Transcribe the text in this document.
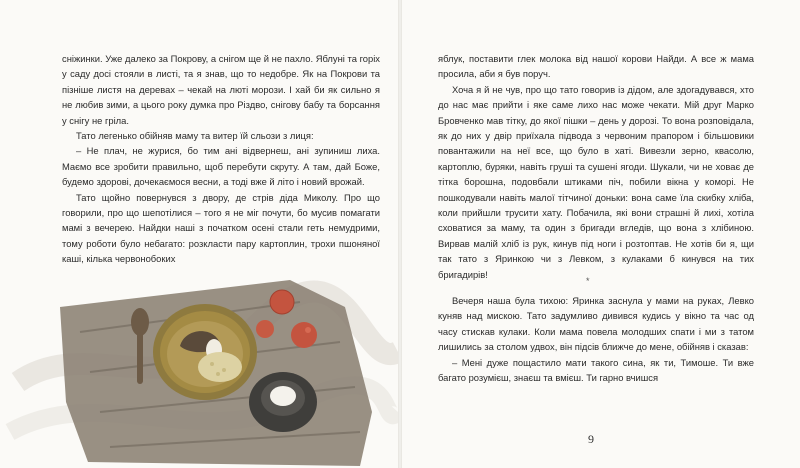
сніжинки. Уже далеко за Покрову, а снігом ще й не пахло. Яблуні та горіх у саду досі стояли в листі, та я знав, що то недобре. Як на Покрови та пізніше листя на деревах – чекай на люті морози. І хай би як сильно я не любив зими, а цього року думка про Різдво, снігову бабу та борсання у снігу не гріла.

Тато легенько обійняв маму та витер їй сльози з лиця:

– Не плач, не журися, бо тим ані відвернеш, ані зупиниш лиха. Маємо все зробити правильно, щоб перебути скруту. А там, дай Боже, будемо здорові, дочекаємося весни, а тоді вже й літо і новий врожай.

Тато щойно повернувся з двору, де стрів діда Миколу. Про що говорили, про що шепотілися – того я не міг почути, бо мусив помагати мамі з вечерею. Найдки наші з початком осені стали геть немудрими, тому роботи було небагато: розкласти пару картоплин, трохи пшоняної каші, кілька червонобоких

яблук, поставити глек молока від нашої корови Найди. А все ж мама просила, аби я був поруч.

Хоча я й не чув, про що тато говорив із дідом, але здогадувався, хто до нас має прийти і яке саме лихо нас може чекати. Мій друг Марко Бровченко мав тітку, до якої пішки – день у дорозі. То вона розповідала, як до них у двір приїхала підвода з червоним прапором і більшовики повантажили на неї все, що було в хаті. Вивезли зерно, квасолю, картоплю, буряки, навіть груші та сушені ягоди. Шукали, чи не ховає де тітка борошна, подовбали штиками піч, побили вікна у коморі. Не пошкодували навіть малої тітчиної доньки: вона саме їла скибку хліба, коли прийшли трусити хату. Побачила, які вони страшні й лихі, хотіла сховатися за маму, та один з бригади вгледів, що вона з хлібиною. Вирвав малій хліб із рук, кинув під ноги і розтоптав. Не хотів би я, щи так тато з Яринкою чи з Левком, з кулаками б кинувся на тих бригадирів!

*

Вечеря наша була тихою: Яринка заснула у мами на руках, Левко куняв над мискою. Тато задумливо дивився кудись у вікно та час од часу стискав кулаки. Коли мама повела молодших спати і ми з татом лишились за столом удвох, він підсів ближче до мене, обійняв і сказав:

– Мені дуже пощастило мати такого сина, як ти, Тимоше. Ти вже багато розумієш, знаєш та вмієш. Ти гарно вчишся

9
